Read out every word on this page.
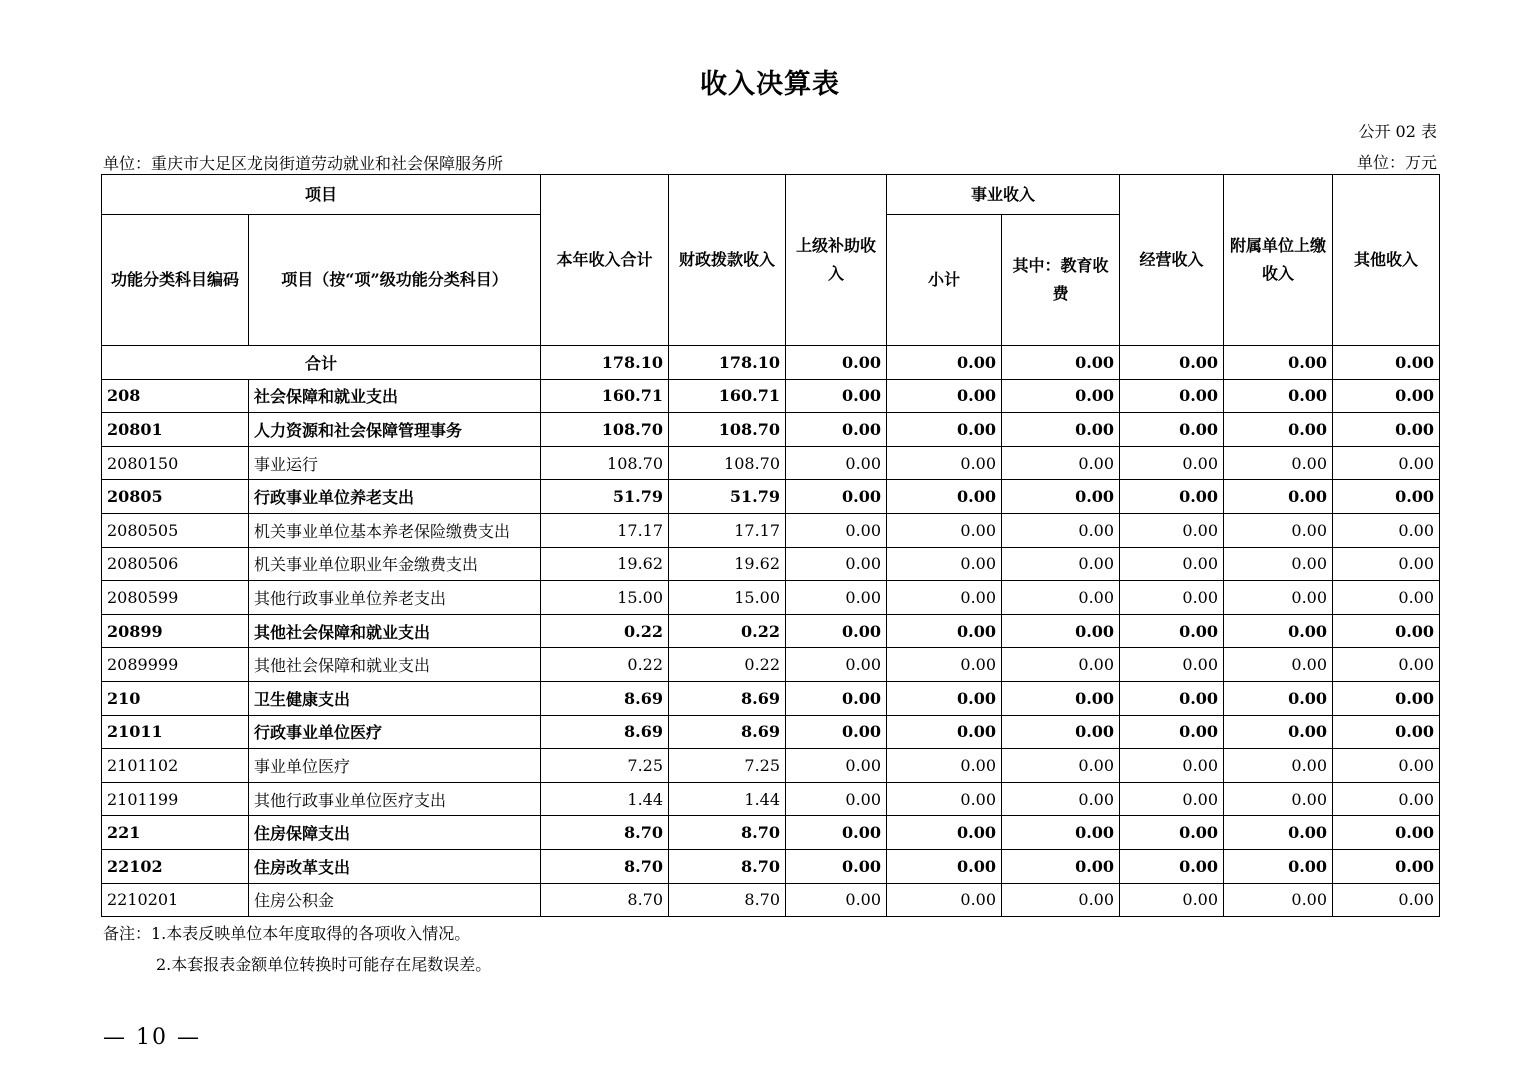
收入决算表
公开 02 表
单位：重庆市大足区龙岗街道劳动就业和社会保障服务所	单位：万元
项目		本年收入合计	财政拨款收入	上级补助收入	事业收入		经营收入	附属单位上缴收入	其他收入
功能分类科目编码	项目（按“项”级功能分类科目）				小计	其中：教育收费			
合计		178.10	178.10	0.00	0.00	0.00	0.00	0.00	0.00
208	社会保障和就业支出	160.71	160.71	0.00	0.00	0.00	0.00	0.00	0.00
20801	人力资源和社会保障管理事务	108.70	108.70	0.00	0.00	0.00	0.00	0.00	0.00
2080150	事业运行	108.70	108.70	0.00	0.00	0.00	0.00	0.00	0.00
20805	行政事业单位养老支出	51.79	51.79	0.00	0.00	0.00	0.00	0.00	0.00
2080505	机关事业单位基本养老保险缴费支出	17.17	17.17	0.00	0.00	0.00	0.00	0.00	0.00
2080506	机关事业单位职业年金缴费支出	19.62	19.62	0.00	0.00	0.00	0.00	0.00	0.00
2080599	其他行政事业单位养老支出	15.00	15.00	0.00	0.00	0.00	0.00	0.00	0.00
20899	其他社会保障和就业支出	0.22	0.22	0.00	0.00	0.00	0.00	0.00	0.00
2089999	其他社会保障和就业支出	0.22	0.22	0.00	0.00	0.00	0.00	0.00	0.00
210	卫生健康支出	8.69	8.69	0.00	0.00	0.00	0.00	0.00	0.00
21011	行政事业单位医疗	8.69	8.69	0.00	0.00	0.00	0.00	0.00	0.00
2101102	事业单位医疗	7.25	7.25	0.00	0.00	0.00	0.00	0.00	0.00
2101199	其他行政事业单位医疗支出	1.44	1.44	0.00	0.00	0.00	0.00	0.00	0.00
221	住房保障支出	8.70	8.70	0.00	0.00	0.00	0.00	0.00	0.00
22102	住房改革支出	8.70	8.70	0.00	0.00	0.00	0.00	0.00	0.00
2210201	住房公积金	8.70	8.70	0.00	0.00	0.00	0.00	0.00	0.00
备注：1.本表反映单位本年度取得的各项收入情况。
2.本套报表金额单位转换时可能存在尾数误差。
— 10 —
